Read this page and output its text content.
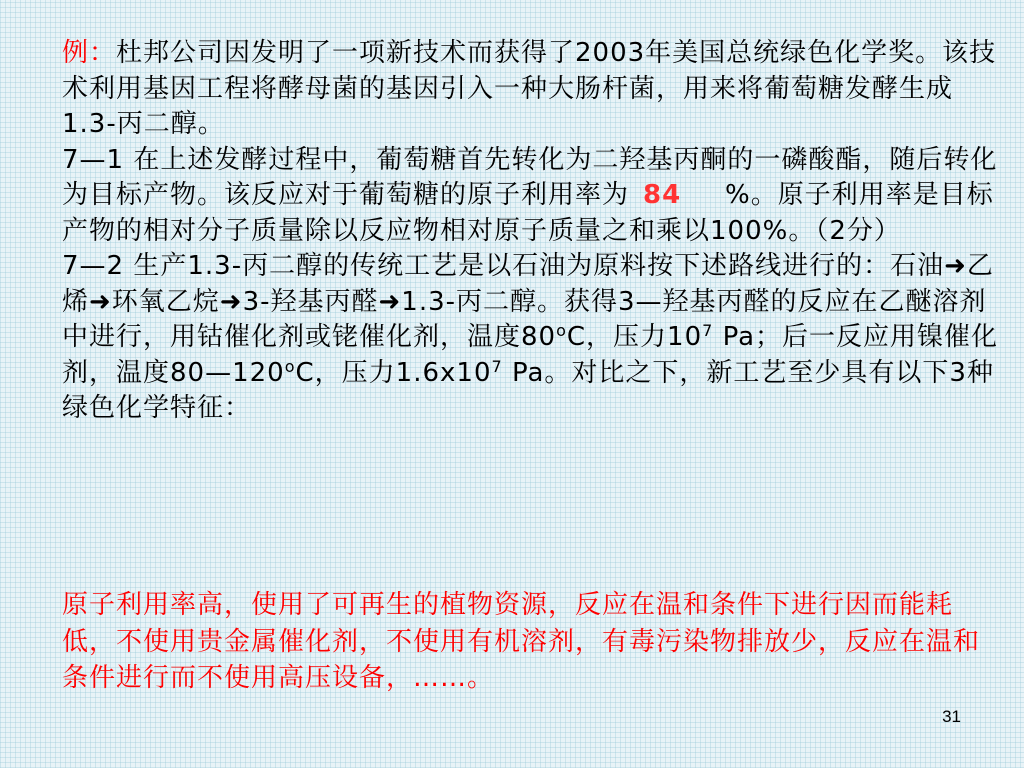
例：杜邦公司因发明了一项新技术而获得了2003年美国总统绿色化学奖。该技术利用基因工程将酵母菌的基因引入一种大肠杆菌，用来将葡萄糖发酵生成1.3-丙二醇。

7—1 在上述发酵过程中，葡萄糖首先转化为二羟基丙酮的一磷酸酯，随后转化为目标产物。该反应对于葡萄糖的原子利用率为 84 %。原子利用率是目标产物的相对分子质量除以反应物相对原子质量之和乘以100%。（2分）

7—2 生产1.3-丙二醇的传统工艺是以石油为原料按下述路线进行的：石油➜乙烯➜环氧乙烷➜3-羟基丙醛➜1.3-丙二醇。获得3—羟基丙醛的反应在乙醚溶剂中进行，用钴催化剂或铑催化剂，温度80$^o$C，压力$10^7$ Pa；后一反应用镍催化剂，温度80—120$^o$C，压力$1.6x10^7$ Pa。对比之下，新工艺至少具有以下3种绿色化学特征：

原子利用率高，使用了可再生的植物资源，反应在温和条件下进行因而能耗低，不使用贵金属催化剂，不使用有机溶剂，有毒污染物排放少，反应在温和条件进行而不使用高压设备，……。
31
